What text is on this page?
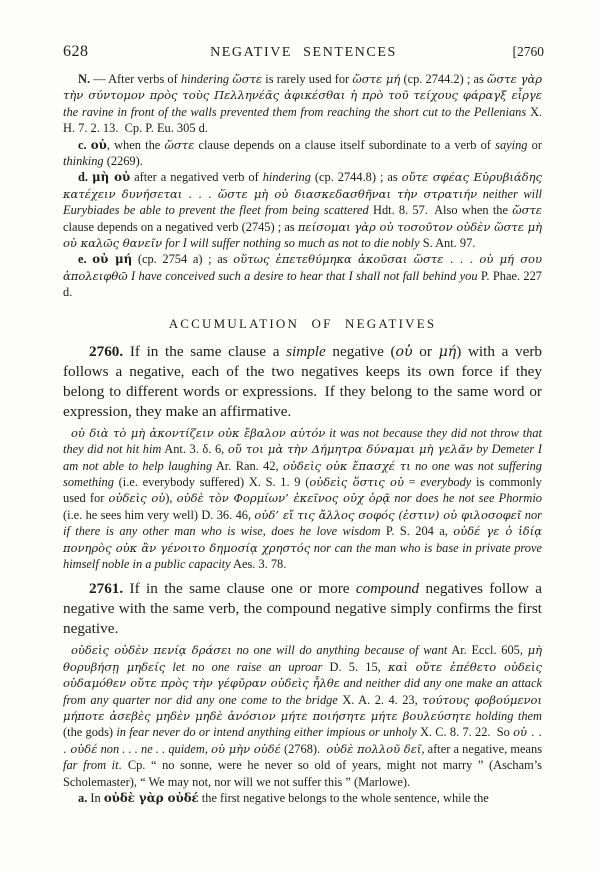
628	NEGATIVE SENTENCES	[2760

N. — After verbs of hindering ὥστε is rarely used for ὥστε μή (cp. 2744.2) ; as ὥστε γὰρ τὴν σύντομον πρὸς τοὺς Πελληνέᾱς ἀφικέσθαι ἡ πρὸ τοῦ τείχους φάραγξ εἶργε the ravine in front of the walls prevented them from reaching the short cut to the Pellenians X. H. 7. 2. 13. Cp. P. Eu. 305 d.

c. οὐ, when the ὥστε clause depends on a clause itself subordinate to a verb of saying or thinking (2269).

d. μὴ οὐ after a negatived verb of hindering (cp. 2744.8) ; as οὔτε σφέας Εὐρυβιάδης κατέχειν δυνήσεται . . . ὥστε μὴ οὐ διασκεδασθῆναι τὴν στρατιήν neither will Eurybiades be able to prevent the fleet from being scattered Hdt. 8. 57. Also when the ὥστε clause depends on a negatived verb (2745) ; as πείσομαι γὰρ οὐ τοσοῦτον οὐδὲν ὥστε μὴ οὐ καλῶς θανεῖν for I will suffer nothing so much as not to die nobly S. Ant. 97.

e. οὐ μή (cp. 2754 a) ; as οὕτως ἐπετεθύμηκα ἀκοῦσαι ὥστε . . . οὐ μή σου ἀπολειφθῶ I have conceived such a desire to hear that I shall not fall behind you P. Phae. 227 d.

ACCUMULATION OF NEGATIVES

2760. If in the same clause a simple negative (οὐ or μή) with a verb follows a negative, each of the two negatives keeps its own force if they belong to different words or expressions. If they belong to the same word or expression, they make an affirmative.

οὐ διὰ τὸ μὴ ἀκοντίζειν οὐκ ἔβαλον αὐτόν it was not because they did not throw that they did not hit him Ant. 3. δ. 6, οὔ τοι μὰ τὴν Δήμητρα δύναμαι μὴ γελᾶν by Demeter I am not able to help laughing Ar. Ran. 42, οὐδεὶς οὐκ ἔπασχέ τι no one was not suffering something (i.e. everybody suffered) X. S. 1. 9 (οὐδεὶς ὅστις οὐ = everybody is commonly used for οὐδεὶς οὐ), οὐδὲ τὸν Φορμίων’ ἐκεῖνος οὐχ ὁρᾷ nor does he not see Phormio (i.e. he sees him very well) D. 36. 46, οὐδ’ εἴ τις ἄλλος σοφός (ἐστιν) οὐ φιλοσοφεῖ nor if there is any other man who is wise, does he love wisdom P. S. 204 a, οὐδέ γε ὁ ἰδίᾳ πονηρὸς οὐκ ἂν γένοιτο δημοσίᾳ χρηστός nor can the man who is base in private prove himself noble in a public capacity Aes. 3. 78.

2761. If in the same clause one or more compound negatives follow a negative with the same verb, the compound negative simply confirms the first negative.

οὐδεὶς οὐδὲν πενίᾳ δράσει no one will do anything because of want Ar. Eccl. 605, μὴ θορυβήσῃ μηδείς let no one raise an uproar D. 5. 15, καὶ οὔτε ἐπέθετο οὐδεὶς οὐδαμόθεν οὔτε πρὸς τὴν γέφῡραν οὐδεὶς ἦλθε and neither did any one make an attack from any quarter nor did any one come to the bridge X. A. 2. 4. 23, τούτους φοβούμενοι μήποτε ἀσεβὲς μηδὲν μηδὲ ἀνόσιον μήτε ποιήσητε μήτε βουλεύσητε holding them (the gods) in fear never do or intend anything either impious or unholy X. C. 8. 7. 22. So οὐ . . . οὐδέ non . . . ne . . quidem, οὐ μὴν οὐδέ (2768). οὐδὲ πολλοῦ δεῖ, after a negative, means far from it. Cp. “ no sonne, were he never so old of years, might not marry ” (Ascham’s Scholemaster), “ We may not, nor will we not suffer this ” (Marlowe).

a. In οὐδὲ γὰρ οὐδέ the first negative belongs to the whole sentence, while the
